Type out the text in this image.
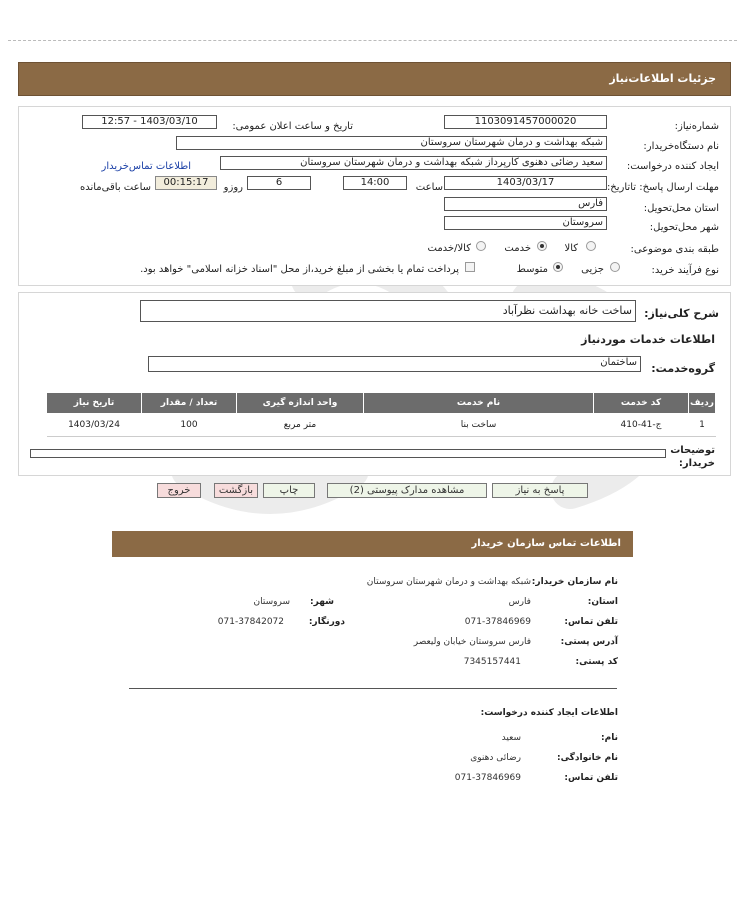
جزئیات اطلاعات‌نیاز
شماره‌نیاز:
1103091457000020
تاریخ و ساعت اعلان عمومی:
1403/03/10 - 12:57
نام دستگاه‌خریدار:
شبکه بهداشت و درمان شهرستان سروستان
ایجاد کننده درخواست:
سعید رضائی دهنوی کارپرداز شبکه بهداشت و درمان شهرستان سروستان
اطلاعات تماس‌خریدار
مهلت ارسال پاسخ: تاتاریخ:
1403/03/17
ساعت
14:00
6
روزو
00:15:17
ساعت باقی‌مانده
استان محل‌تحویل:
فارس
شهر محل‌تحویل:
سروستان
طبقه بندی موضوعی:
کالا
خدمت
کالا/خدمت
نوع فرآیند خرید:
جزیی
متوسط
پرداخت تمام یا بخشی از مبلغ خرید،از محل "اسناد خزانه اسلامی" خواهد بود.
شرح کلی‌نیاز:
ساخت خانه بهداشت نظرآباد
اطلاعات خدمات موردنیاز
گروه‌خدمت:
ساختمان
ردیف	کد خدمت	نام خدمت	واحد اندازه گیری	تعداد / مقدار	تاریخ نیاز
1	ج-41-410	ساخت بنا	متر مربع	100	1403/03/24
توضیحات خریدار:
پاسخ به نیاز
مشاهده مدارک پیوستی (2)
چاپ
بازگشت
خروج
اطلاعات تماس سازمان خریدار
نام سازمان خریدار:
شبکه بهداشت و درمان شهرستان سروستان
استان:
فارس
شهر:
سروستان
تلفن تماس:
071-37846969
دورنگار:
071-37842072
آدرس پستی:
فارس سروستان خیابان ولیعصر
کد پستی:
7345157441
اطلاعات ایجاد کننده درخواست:
نام:
سعید
نام خانوادگی:
رضائی دهنوی
تلفن تماس:
071-37846969
